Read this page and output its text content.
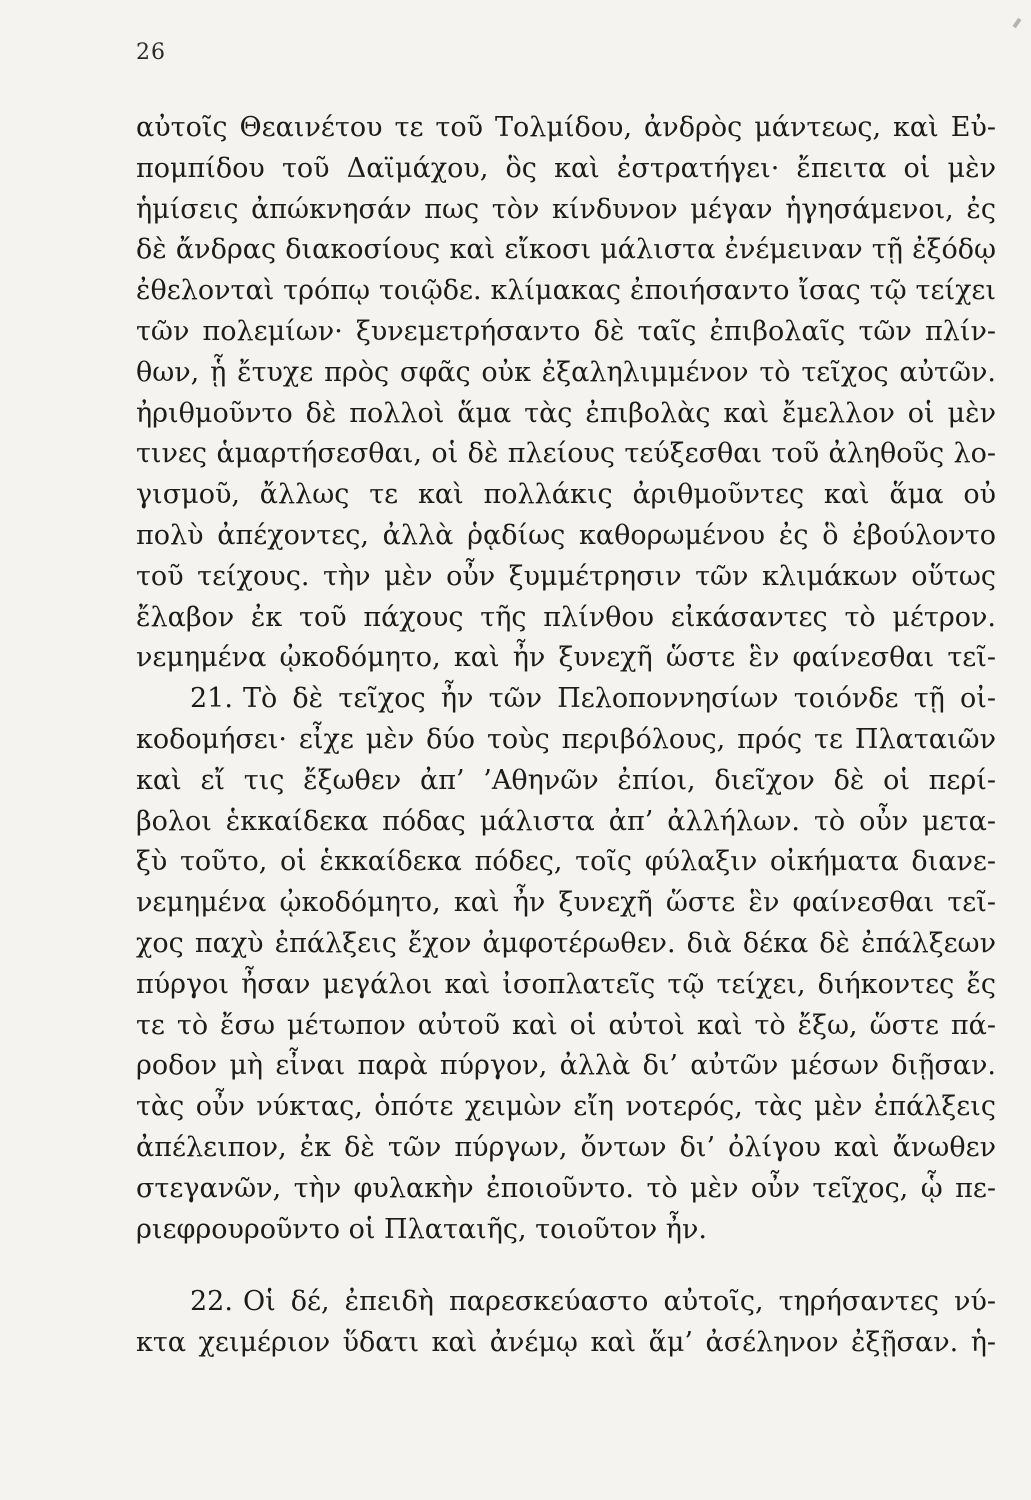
26
αὐτοῖς Θεαινέτου τε τοῦ Τολμίδου, ἀνδρὸς μάντεως, καὶ Εὐ-
πομπίδου τοῦ Δαϊμάχου, ὃς καὶ ἐστρατήγει· ἔπειτα οἱ μὲν
ἡμίσεις ἀπώκνησάν πως τὸν κίνδυνον μέγαν ἡγησάμενοι, ἐς
δὲ ἄνδρας διακοσίους καὶ εἴκοσι μάλιστα ἐνέμειναν τῇ ἐξόδῳ
ἐθελονταὶ τρόπῳ τοιῷδε. κλίμακας ἐποιήσαντο ἴσας τῷ τείχει
τῶν πολεμίων· ξυνεμετρήσαντο δὲ ταῖς ἐπιβολαῖς τῶν πλίν-
θων, ᾗ ἔτυχε πρὸς σφᾶς οὐκ ἐξαληλιμμένον τὸ τεῖχος αὐτῶν.
ἠριθμοῦντο δὲ πολλοὶ ἅμα τὰς ἐπιβολὰς καὶ ἔμελλον οἱ μὲν
τινες ἁμαρτήσεσθαι, οἱ δὲ πλείους τεύξεσθαι τοῦ ἀληθοῦς λο-
γισμοῦ, ἄλλως τε καὶ πολλάκις ἀριθμοῦντες καὶ ἅμα οὐ
πολὺ ἀπέχοντες, ἀλλὰ ῥᾳδίως καθορωμένου ἐς ὃ ἐβούλοντο
τοῦ τείχους. τὴν μὲν οὖν ξυμμέτρησιν τῶν κλιμάκων οὕτως
ἔλαβον ἐκ τοῦ πάχους τῆς πλίνθου εἰκάσαντες τὸ μέτρον.
νεμημένα ᾠκοδόμητο, καὶ ἦν ξυνεχῆ ὥστε ἓν φαίνεσθαι τεῖ-
21. Τὸ δὲ τεῖχος ἦν τῶν Πελοποννησίων τοιόνδε τῇ οἰ-
κοδομήσει· εἶχε μὲν δύο τοὺς περιβόλους, πρός τε Πλαταιῶν
καὶ εἴ τις ἔξωθεν ἀπ’ ’Αθηνῶν ἐπίοι, διεῖχον δὲ οἱ περί-
βολοι ἑκκαίδεκα πόδας μάλιστα ἀπ’ ἀλλήλων. τὸ οὖν μετα-
ξὺ τοῦτο, οἱ ἑκκαίδεκα πόδες, τοῖς φύλαξιν οἰκήματα διανε-
νεμημένα ᾠκοδόμητο, καὶ ἦν ξυνεχῆ ὥστε ἓν φαίνεσθαι τεῖ-
χος παχὺ ἐπάλξεις ἔχον ἀμφοτέρωθεν. διὰ δέκα δὲ ἐπάλξεων
πύργοι ἦσαν μεγάλοι καὶ ἰσοπλατεῖς τῷ τείχει, διήκοντες ἔς
τε τὸ ἔσω μέτωπον αὐτοῦ καὶ οἱ αὐτοὶ καὶ τὸ ἔξω, ὥστε πά-
ροδον μὴ εἶναι παρὰ πύργον, ἀλλὰ δι’ αὐτῶν μέσων διῇσαν.
τὰς οὖν νύκτας, ὁπότε χειμὼν εἴη νοτερός, τὰς μὲν ἐπάλξεις
ἀπέλειπον, ἐκ δὲ τῶν πύργων, ὄντων δι’ ὀλίγου καὶ ἄνωθεν
στεγανῶν, τὴν φυλακὴν ἐποιοῦντο. τὸ μὲν οὖν τεῖχος, ᾧ πε-
ριεφρουροῦντο οἱ Πλαταιῆς, τοιοῦτον ἦν.
22. Οἱ δέ, ἐπειδὴ παρεσκεύαστο αὐτοῖς, τηρήσαντες νύ-
κτα χειμέριον ὕδατι καὶ ἀνέμῳ καὶ ἅμ’ ἀσέληνον ἐξῇσαν. ἡ-
